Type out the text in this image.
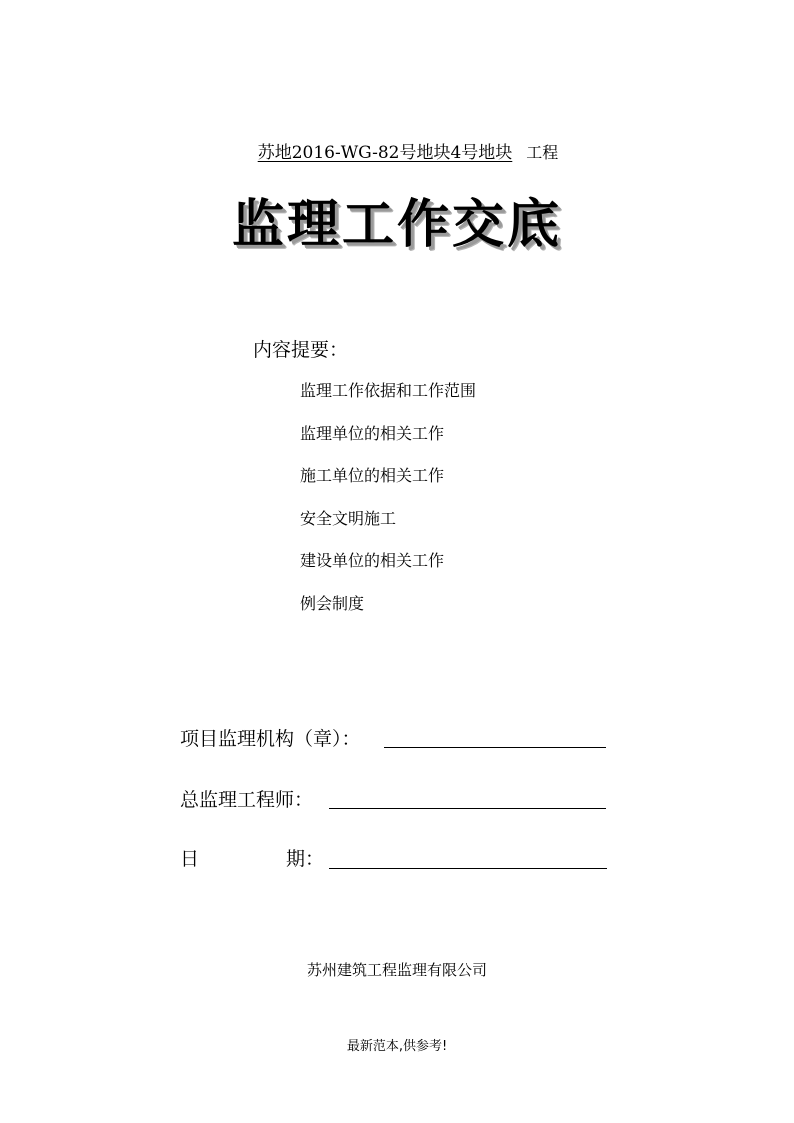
苏地2016-WG-82号地块4号地块 工程
监理工作交底
内容提要：
监理工作依据和工作范围
监理单位的相关工作
施工单位的相关工作
安全文明施工
建设单位的相关工作
例会制度
项目监理机构（章）：
总监理工程师：
日	期：
苏州建筑工程监理有限公司
最新范本,供参考!
